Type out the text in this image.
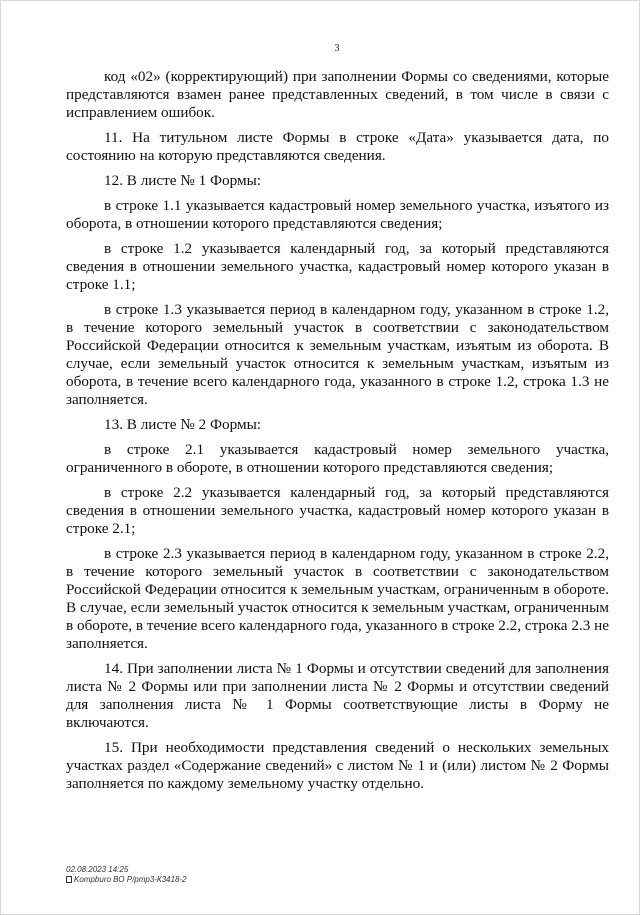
3

код «02» (корректирующий) при заполнении Формы со сведениями, которые представляются взамен ранее представленных сведений, в том числе в связи с исправлением ошибок.

11. На титульном листе Формы в строке «Дата» указывается дата, по состоянию на которую представляются сведения.

12. В листе № 1 Формы:

в строке 1.1 указывается кадастровый номер земельного участка, изъятого из оборота, в отношении которого представляются сведения;

в строке 1.2 указывается календарный год, за который представляются сведения в отношении земельного участка, кадастровый номер которого указан в строке 1.1;

в строке 1.3 указывается период в календарном году, указанном в строке 1.2, в течение которого земельный участок в соответствии с законодательством Российской Федерации относится к земельным участкам, изъятым из оборота. В случае, если земельный участок относится к земельным участкам, изъятым из оборота, в течение всего календарного года, указанного в строке 1.2, строка 1.3 не заполняется.

13. В листе № 2 Формы:

в строке 2.1 указывается кадастровый номер земельного участка, ограниченного в обороте, в отношении которого представляются сведения;

в строке 2.2 указывается календарный год, за который представляются сведения в отношении земельного участка, кадастровый номер которого указан в строке 2.1;

в строке 2.3 указывается период в календарном году, указанном в строке 2.2, в течение которого земельный участок в соответствии с законодательством Российской Федерации относится к земельным участкам, ограниченным в обороте. В случае, если земельный участок относится к земельным участкам, ограниченным в обороте, в течение всего календарного года, указанного в строке 2.2, строка 2.3 не заполняется.

14. При заполнении листа № 1 Формы и отсутствии сведений для заполнения листа № 2 Формы или при заполнении листа № 2 Формы и отсутствии сведений для заполнения листа № 1 Формы соответствующие листы в Форму не включаются.

15. При необходимости представления сведений о нескольких земельных участках раздел «Содержание сведений» с листом № 1 и (или) листом № 2 Формы заполняется по каждому земельному участку отдельно.

02.08.2023 14:25
Kompburo ВО Р/ртр3-К3418-2
